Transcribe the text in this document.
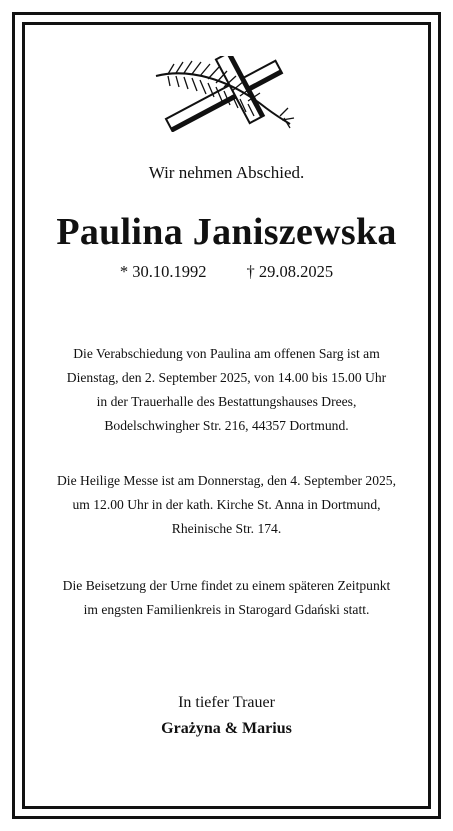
Wir nehmen Abschied.
Paulina Janiszewska
* 30.10.1992 † 29.08.2025
Die Verabschiedung von Paulina am offenen Sarg ist am
Dienstag, den 2. September 2025, von 14.00 bis 15.00 Uhr
in der Trauerhalle des Bestattungshauses Drees,
Bodelschwingher Str. 216, 44357 Dortmund.
Die Heilige Messe ist am Donnerstag, den 4. September 2025,
um 12.00 Uhr in der kath. Kirche St. Anna in Dortmund,
Rheinische Str. 174.
Die Beisetzung der Urne findet zu einem späteren Zeitpunkt
im engsten Familienkreis in Starogard Gdański statt.
In tiefer Trauer
Grażyna & Marius
